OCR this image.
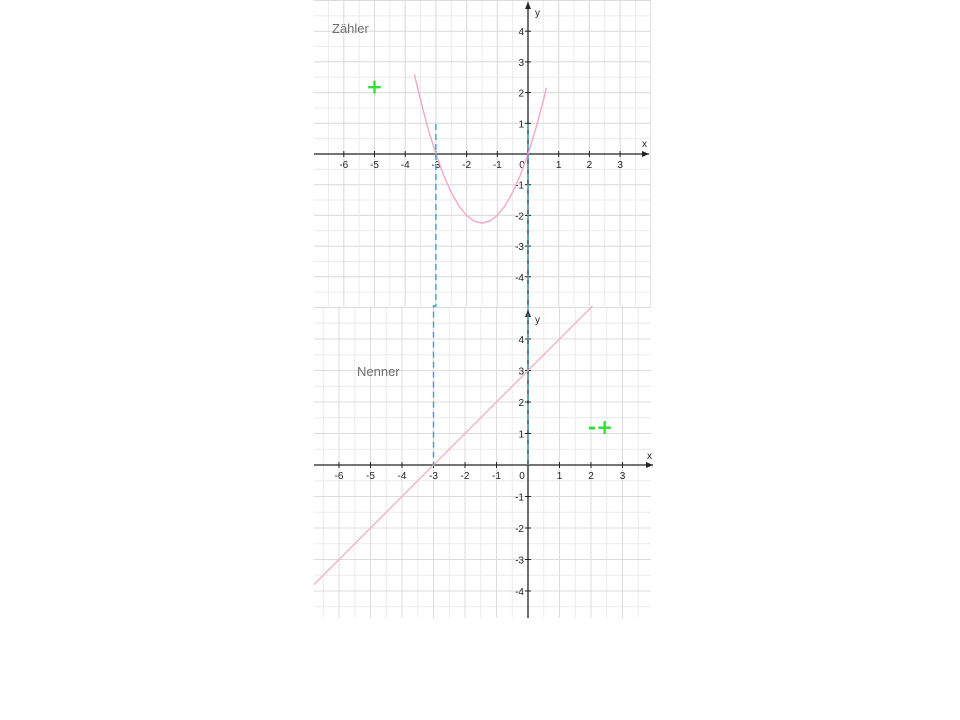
-6 -5 -4 -3 -2 -1 0	1	2	3
4
3
2
1
-1
-2
-3
-4
Zähler
+
x
y
-6 -5 -4 -3 -2 -1 0	1	2	3
4
3
2
1
-1
-2
-3
-4
Nenner
-+
x
y
